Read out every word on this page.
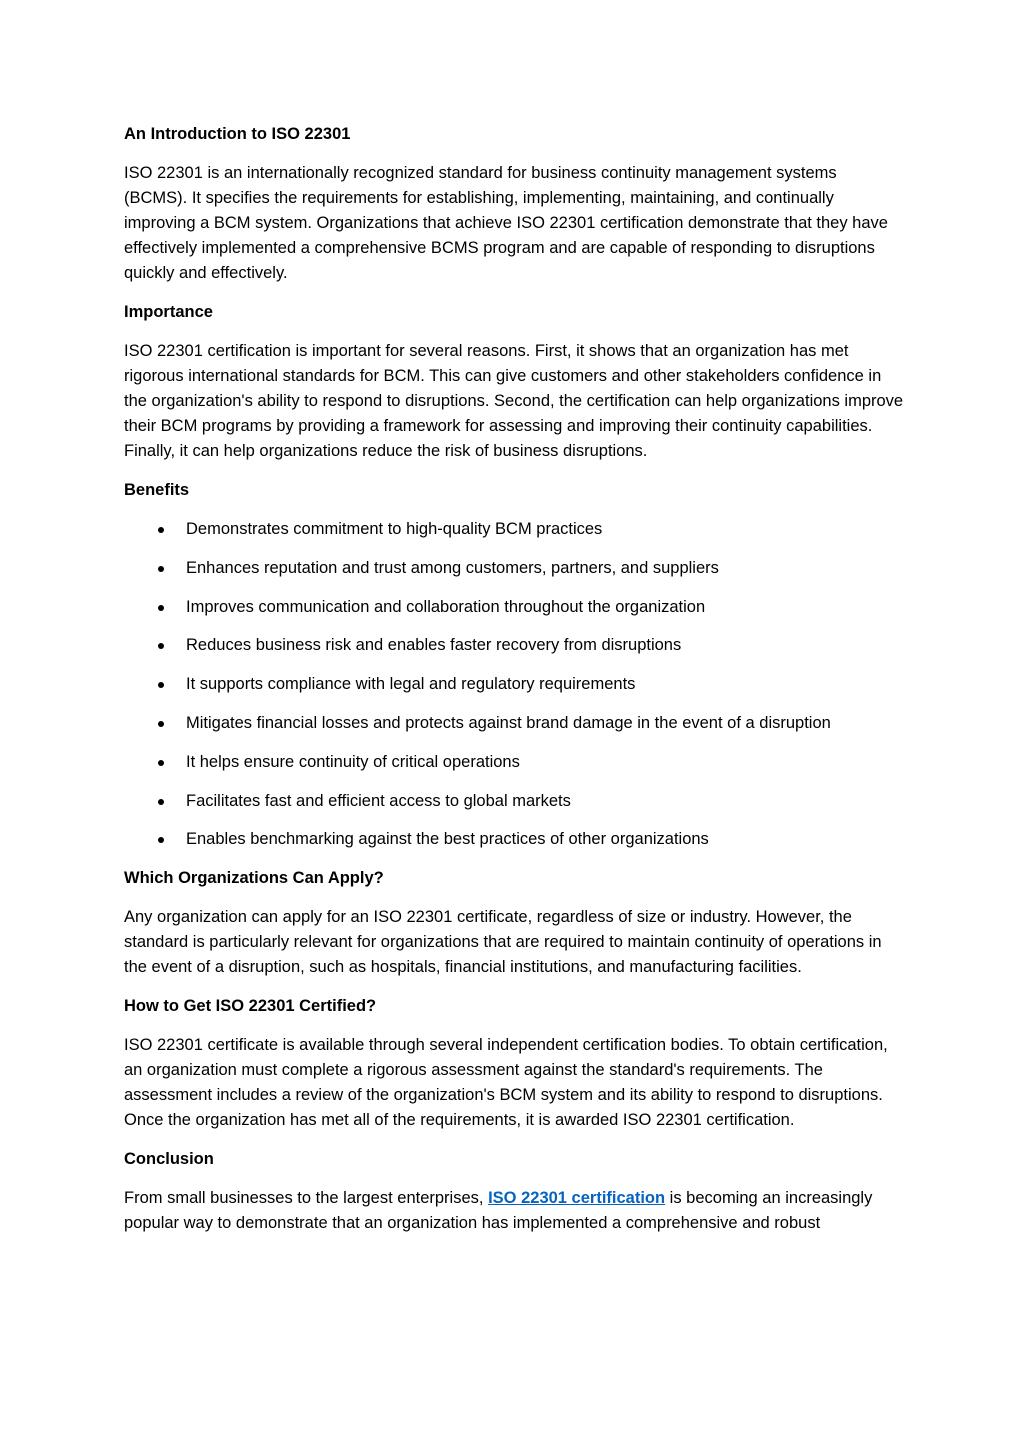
An Introduction to ISO 22301

ISO 22301 is an internationally recognized standard for business continuity management systems (BCMS). It specifies the requirements for establishing, implementing, maintaining, and continually improving a BCM system. Organizations that achieve ISO 22301 certification demonstrate that they have effectively implemented a comprehensive BCMS program and are capable of responding to disruptions quickly and effectively.

Importance

ISO 22301 certification is important for several reasons. First, it shows that an organization has met rigorous international standards for BCM. This can give customers and other stakeholders confidence in the organization's ability to respond to disruptions. Second, the certification can help organizations improve their BCM programs by providing a framework for assessing and improving their continuity capabilities. Finally, it can help organizations reduce the risk of business disruptions.

Benefits
Demonstrates commitment to high-quality BCM practices
Enhances reputation and trust among customers, partners, and suppliers
Improves communication and collaboration throughout the organization
Reduces business risk and enables faster recovery from disruptions
It supports compliance with legal and regulatory requirements
Mitigates financial losses and protects against brand damage in the event of a disruption
It helps ensure continuity of critical operations
Facilitates fast and efficient access to global markets
Enables benchmarking against the best practices of other organizations
Which Organizations Can Apply?

Any organization can apply for an ISO 22301 certificate, regardless of size or industry. However, the standard is particularly relevant for organizations that are required to maintain continuity of operations in the event of a disruption, such as hospitals, financial institutions, and manufacturing facilities.

How to Get ISO 22301 Certified?

ISO 22301 certificate is available through several independent certification bodies. To obtain certification, an organization must complete a rigorous assessment against the standard's requirements. The assessment includes a review of the organization's BCM system and its ability to respond to disruptions. Once the organization has met all of the requirements, it is awarded ISO 22301 certification.

Conclusion

From small businesses to the largest enterprises, ISO 22301 certification is becoming an increasingly popular way to demonstrate that an organization has implemented a comprehensive and robust
